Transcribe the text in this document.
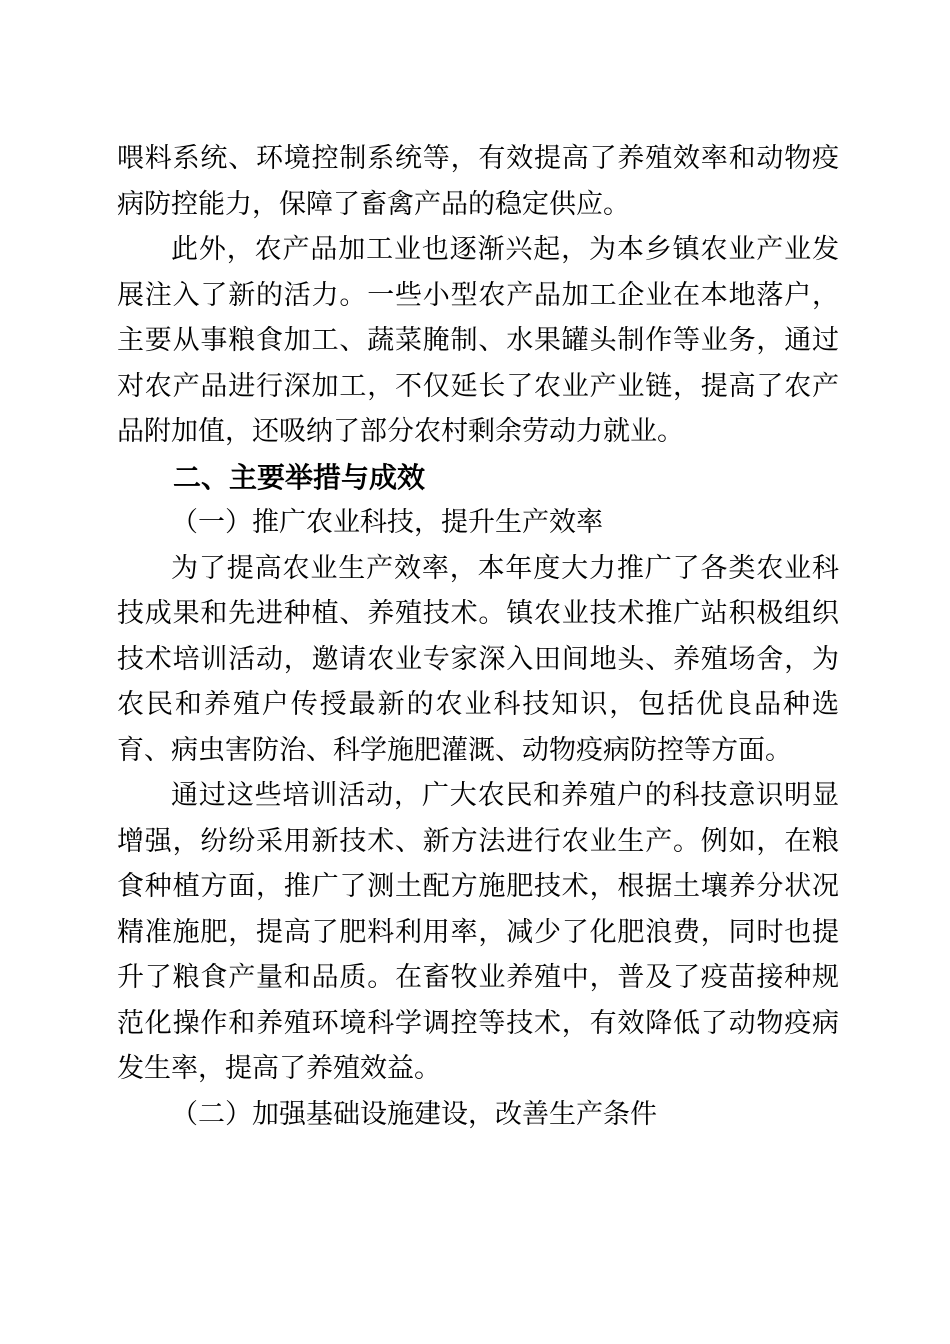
喂料系统、环境控制系统等，有效提高了养殖效率和动物疫病防控能力，保障了畜禽产品的稳定供应。

此外，农产品加工业也逐渐兴起，为本乡镇农业产业发展注入了新的活力。一些小型农产品加工企业在本地落户，主要从事粮食加工、蔬菜腌制、水果罐头制作等业务，通过对农产品进行深加工，不仅延长了农业产业链，提高了农产品附加值，还吸纳了部分农村剩余劳动力就业。

二、主要举措与成效

（一）推广农业科技，提升生产效率

为了提高农业生产效率，本年度大力推广了各类农业科技成果和先进种植、养殖技术。镇农业技术推广站积极组织技术培训活动，邀请农业专家深入田间地头、养殖场舍，为农民和养殖户传授最新的农业科技知识，包括优良品种选育、病虫害防治、科学施肥灌溉、动物疫病防控等方面。

通过这些培训活动，广大农民和养殖户的科技意识明显增强，纷纷采用新技术、新方法进行农业生产。例如，在粮食种植方面，推广了测土配方施肥技术，根据土壤养分状况精准施肥，提高了肥料利用率，减少了化肥浪费，同时也提升了粮食产量和品质。在畜牧业养殖中，普及了疫苗接种规范化操作和养殖环境科学调控等技术，有效降低了动物疫病发生率，提高了养殖效益。

（二）加强基础设施建设，改善生产条件
